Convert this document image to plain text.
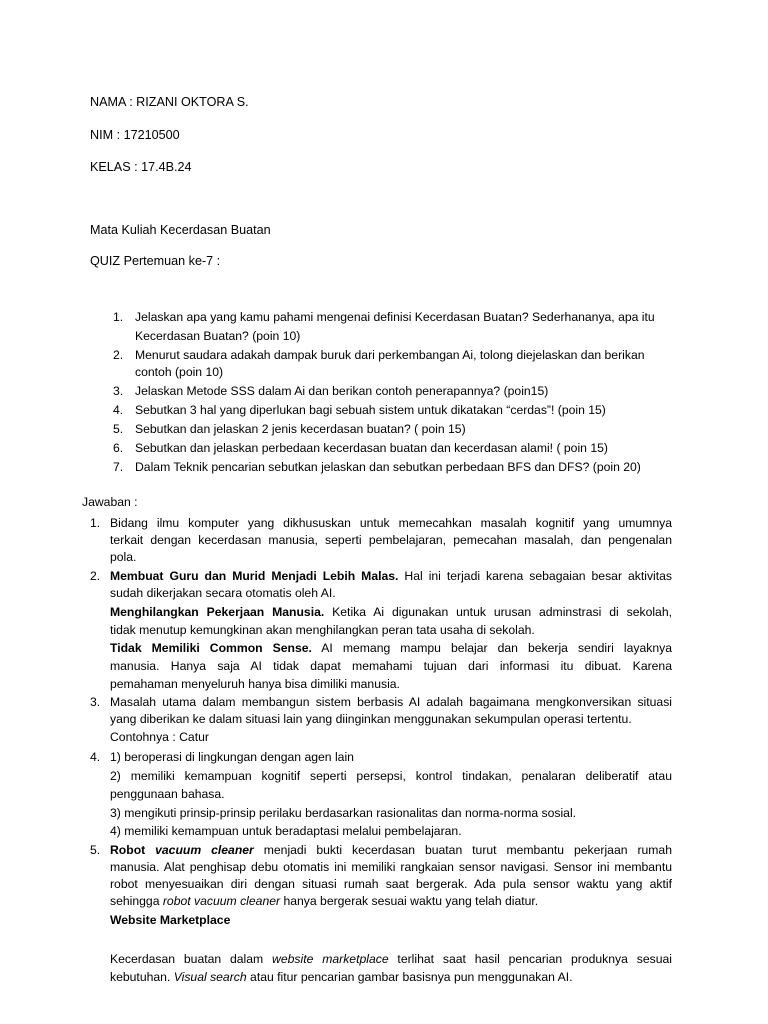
NAMA : RIZANI OKTORA S.
NIM : 17210500
KELAS : 17.4B.24
Mata Kuliah Kecerdasan Buatan
QUIZ Pertemuan ke-7 :
1. Jelaskan apa yang kamu pahami mengenai definisi Kecerdasan Buatan? Sederhananya, apa itu
Kecerdasan Buatan? (poin 10)
2. Menurut saudara adakah dampak buruk dari perkembangan Ai, tolong diejelaskan dan berikan
contoh (poin 10)
3. Jelaskan Metode SSS dalam Ai dan berikan contoh penerapannya? (poin15)
4. Sebutkan 3 hal yang diperlukan bagi sebuah sistem untuk dikatakan “cerdas”! (poin 15)
5. Sebutkan dan jelaskan 2 jenis kecerdasan buatan? ( poin 15)
6. Sebutkan dan jelaskan perbedaan kecerdasan buatan dan kecerdasan alami! ( poin 15)
7. Dalam Teknik pencarian sebutkan jelaskan dan sebutkan perbedaan BFS dan DFS? (poin 20)
Jawaban :
1. Bidang ilmu komputer yang dikhususkan untuk memecahkan masalah kognitif yang umumnya
terkait dengan kecerdasan manusia, seperti pembelajaran, pemecahan masalah, dan pengenalan
pola.
2. Membuat Guru dan Murid Menjadi Lebih Malas. Hal ini terjadi karena sebagaian besar aktivitas
sudah dikerjakan secara otomatis oleh AI.
Menghilangkan Pekerjaan Manusia. Ketika Ai digunakan untuk urusan adminstrasi di sekolah,
tidak menutup kemungkinan akan menghilangkan peran tata usaha di sekolah.
Tidak Memiliki Common Sense. AI memang mampu belajar dan bekerja sendiri layaknya
manusia. Hanya saja AI tidak dapat memahami tujuan dari informasi itu dibuat. Karena
pemahaman menyeluruh hanya bisa dimiliki manusia.
3. Masalah utama dalam membangun sistem berbasis AI adalah bagaimana mengkonversikan situasi
yang diberikan ke dalam situasi lain yang diinginkan menggunakan sekumpulan operasi tertentu.
Contohnya : Catur
4. 1) beroperasi di lingkungan dengan agen lain
2) memiliki kemampuan kognitif seperti persepsi, kontrol tindakan, penalaran deliberatif atau
penggunaan bahasa.
3) mengikuti prinsip-prinsip perilaku berdasarkan rasionalitas dan norma-norma sosial.
4) memiliki kemampuan untuk beradaptasi melalui pembelajaran.
5. Robot vacuum cleaner menjadi bukti kecerdasan buatan turut membantu pekerjaan rumah
manusia. Alat penghisap debu otomatis ini memiliki rangkaian sensor navigasi. Sensor ini membantu
robot menyesuaikan diri dengan situasi rumah saat bergerak. Ada pula sensor waktu yang aktif
sehingga robot vacuum cleaner hanya bergerak sesuai waktu yang telah diatur.
Website Marketplace
Kecerdasan buatan dalam website marketplace terlihat saat hasil pencarian produknya sesuai
kebutuhan. Visual search atau fitur pencarian gambar basisnya pun menggunakan AI.
